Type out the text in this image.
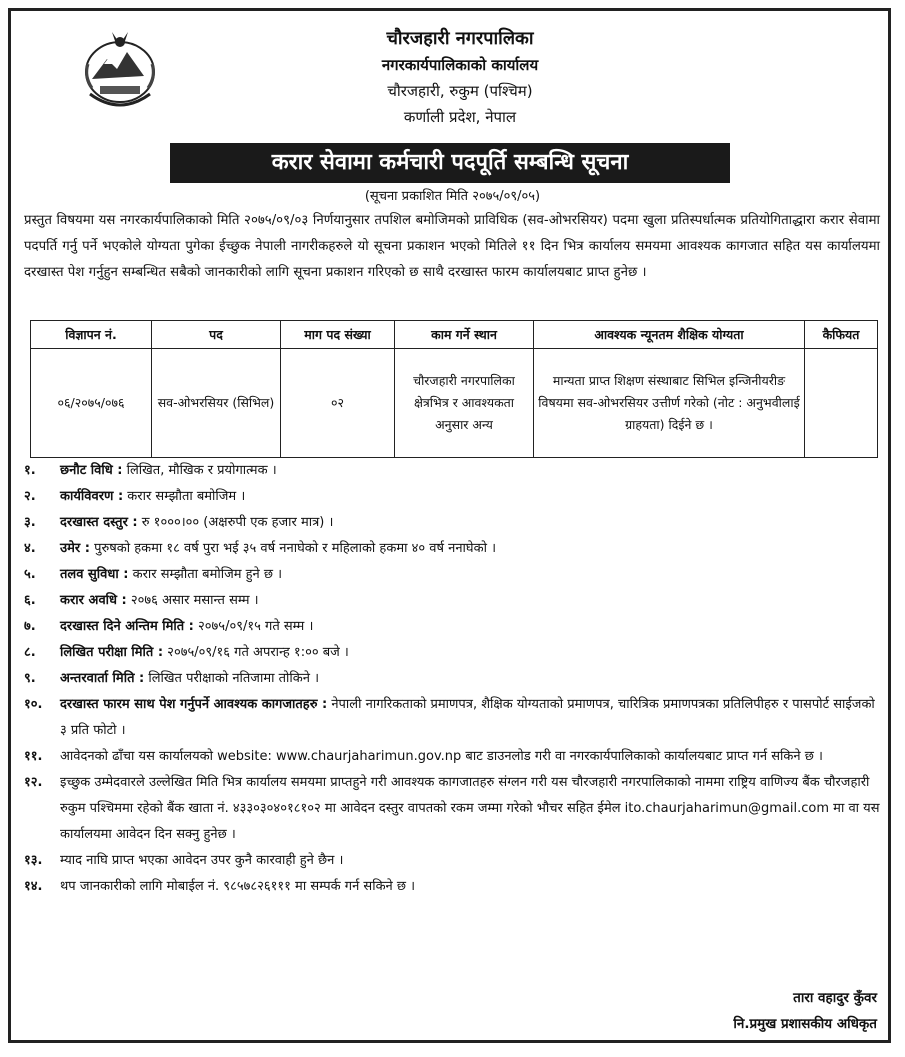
चौरजहारी नगरपालिका
नगरकार्यपालिकाको कार्यालय
चौरजहारी, रुकुम (पश्चिम)
कर्णाली प्रदेश, नेपाल
करार सेवामा कर्मचारी पदपूर्ति सम्बन्धि सूचना
(सूचना प्रकाशित मिति २०७५/०९/०५)
प्रस्तुत विषयमा यस नगरकार्यपालिकाको मिति २०७५/०९/०३ निर्णयानुसार तपशिल बमोजिमको प्राविधिक (सव-ओभरसियर) पदमा खुला प्रतिस्पर्धात्मक प्रतियोगिताद्धारा करार सेवामा पदपर्ति गर्नु पर्ने भएकोले योग्यता पुगेका ईच्छुक नेपाली नागरीकहरुले यो सूचना प्रकाशन भएको मितिले ११ दिन भित्र कार्यालय समयमा आवश्यक कागजात सहित यस कार्यालयमा दरखास्त पेश गर्नुहुन सम्बन्धित सबैको जानकारीको लागि सूचना प्रकाशन गरिएको छ साथै दरखास्त फारम कार्यालयबाट प्राप्त हुनेछ ।
विज्ञापन नं.	पद	माग पद संख्या	काम गर्ने स्थान	आवश्यक न्यूनतम शैक्षिक योग्यता	कैफियत
०६/२०७५/०७६	सव-ओभरसियर (सिभिल)	०२	चौरजहारी नगरपालिका क्षेत्रभित्र र आवश्यकता अनुसार अन्य	मान्यता प्राप्त शिक्षण संस्थाबाट सिभिल इन्जिनीयरीङ विषयमा सव-ओभरसियर उत्तीर्ण गरेको (नोट : अनुभवीलाई ग्राहयता) दिईने छ ।	
१. छनौट विधि : लिखित, मौखिक र प्रयोगात्मक ।
२. कार्यविवरण : करार सम्झौता बमोजिम ।
३. दरखास्त दस्तुर : रु १०००।०० (अक्षरुपी एक हजार मात्र) ।
४. उमेर : पुरुषको हकमा १८ वर्ष पुरा भई ३५ वर्ष ननाघेको र महिलाको हकमा ४० वर्ष ननाघेको ।
५. तलव सुविधा : करार सम्झौता बमोजिम हुने छ ।
६. करार अवधि : २०७६ असार मसान्त सम्म ।
७. दरखास्त दिने अन्तिम मिति : २०७५/०९/१५ गते सम्म ।
८. लिखित परीक्षा मिति : २०७५/०९/१६ गते अपरान्ह १:०० बजे ।
९. अन्तरवार्ता मिति : लिखित परीक्षाको नतिजामा तोकिने ।
१०. दरखास्त फारम साथ पेश गर्नुपर्ने आवश्यक कागजातहरु : नेपाली नागरिकताको प्रमाणपत्र, शैक्षिक योग्यताको प्रमाणपत्र, चारित्रिक प्रमाणपत्रका प्रतिलिपीहरु र पासपोर्ट साईजको ३ प्रति फोटो ।
११. आवेदनको ढाँचा यस कार्यालयको website: www.chaurjaharimun.gov.np बाट डाउनलोड गरी वा नगरकार्यपालिकाको कार्यालयबाट प्राप्त गर्न सकिने छ ।
१२. इच्छुक उम्मेदवारले उल्लेखित मिति भित्र कार्यालय समयमा प्राप्तहुने गरी आवश्यक कागजातहरु संग्लन गरी यस चौरजहारी नगरपालिकाको नाममा राष्ट्रिय वाणिज्य बैंक चौरजहारी रुकुम पश्चिममा रहेको बैंक खाता नं. ४३३०३०४०१८१०२ मा आवेदन दस्तुर वापतको रकम जम्मा गरेको भौचर सहित ईमेल ito.chaurjaharimun@gmail.com मा वा यस कार्यालयमा आवेदन दिन सक्नु हुनेछ ।
१३. म्याद नाघि प्राप्त भएका आवेदन उपर कुनै कारवाही हुने छैन ।
१४. थप जानकारीको लागि मोबाईल नं. ९८५७८२६१११ मा सम्पर्क गर्न सकिने छ ।
तारा वहादुर कुँवर
नि.प्रमुख प्रशासकीय अधिकृत
